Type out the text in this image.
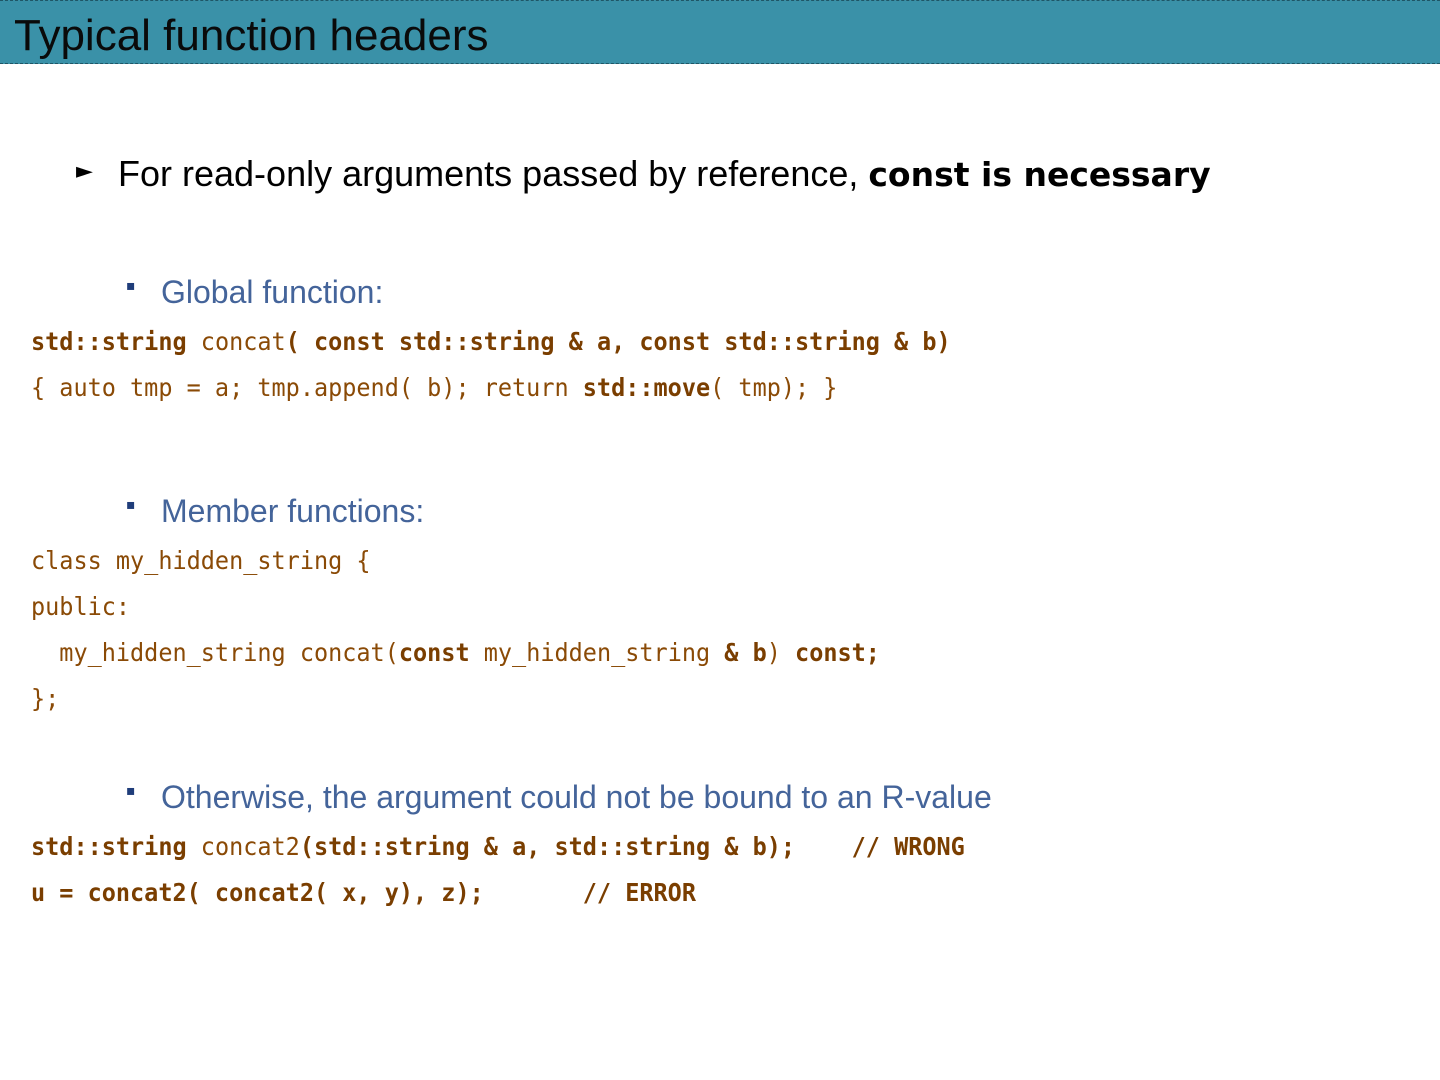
Typical function headers
► For read-only arguments passed by reference, const is necessary
▪ Global function:
std::string concat( const std::string & a, const std::string & b)
{ auto tmp = a; tmp.append( b); return std::move( tmp); }
▪ Member functions:
class my_hidden_string {
public:
my_hidden_string concat(const my_hidden_string & b) const;
};
▪ Otherwise, the argument could not be bound to an R-value
std::string concat2(std::string & a, std::string & b);    // WRONG
u = concat2( concat2( x, y), z);       // ERROR
